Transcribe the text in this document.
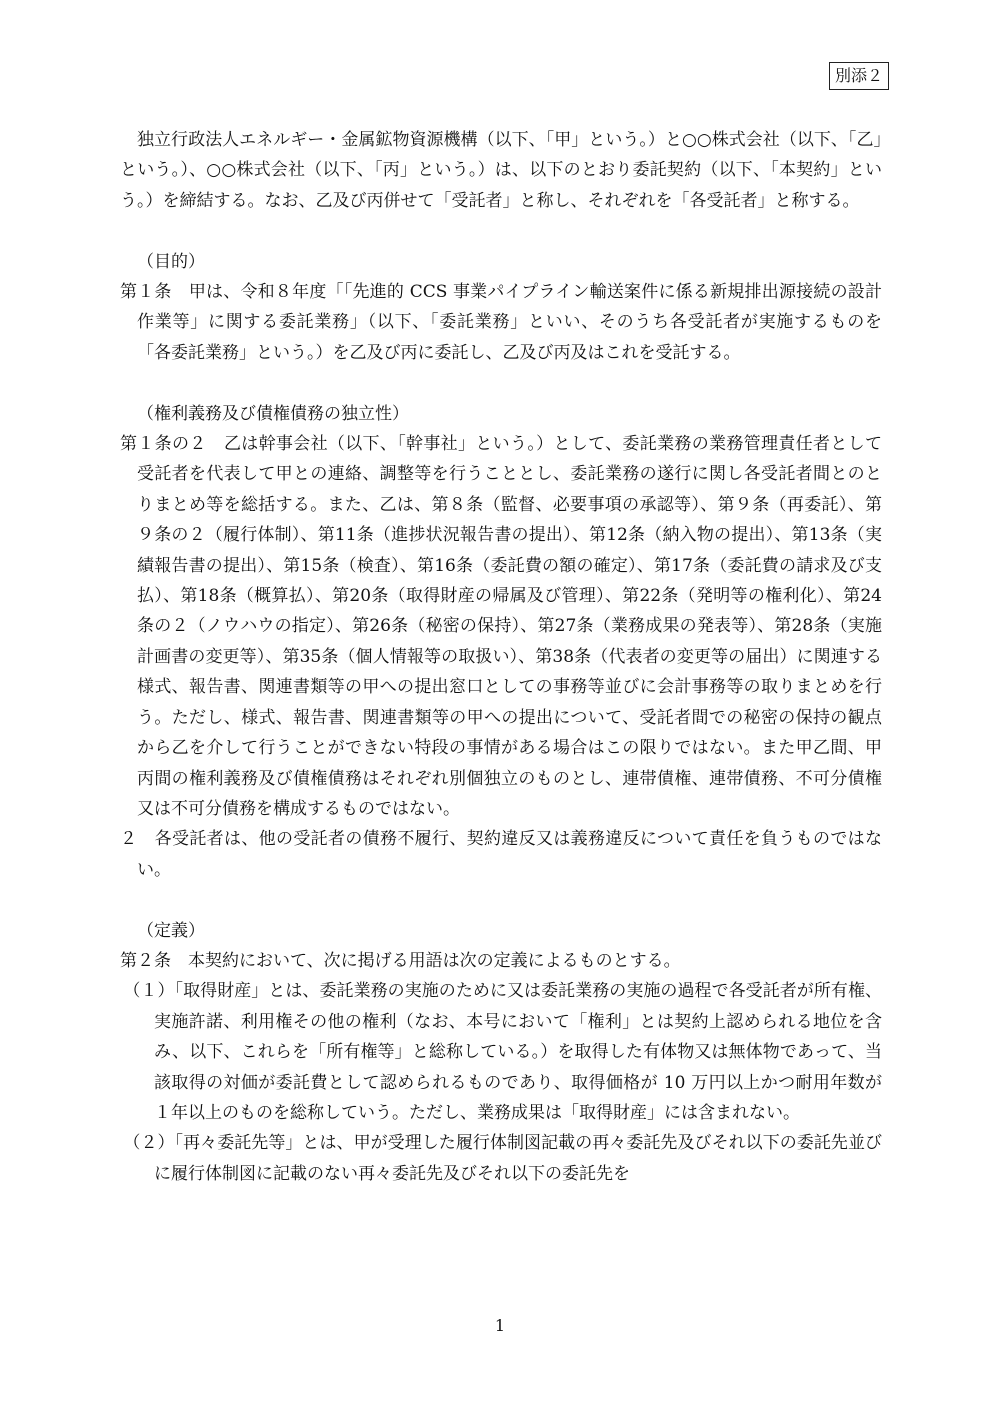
別添２

独立行政法人エネルギー・金属鉱物資源機構（以下、「甲」という。）と○○株式会社（以下、「乙」という。）、○○株式会社（以下、「丙」という。）は、以下のとおり委託契約（以下、「本契約」という。）を締結する。なお、乙及び丙併せて「受託者」と称し、それぞれを「各受託者」と称する。

（目的）

第１条　甲は、令和８年度「「先進的 CCS 事業パイプライン輸送案件に係る新規排出源接続の設計作業等」に関する委託業務」（以下、「委託業務」といい、そのうち各受託者が実施するものを「各委託業務」という。）を乙及び丙に委託し、乙及び丙及はこれを受託する。

（権利義務及び債権債務の独立性）

第１条の２　乙は幹事会社（以下、「幹事社」という。）として、委託業務の業務管理責任者として受託者を代表して甲との連絡、調整等を行うこととし、委託業務の遂行に関し各受託者間とのとりまとめ等を総括する。また、乙は、第８条（監督、必要事項の承認等）、第９条（再委託）、第９条の２（履行体制）、第11条（進捗状況報告書の提出）、第12条（納入物の提出）、第13条（実績報告書の提出）、第15条（検査）、第16条（委託費の額の確定）、第17条（委託費の請求及び支払）、第18条（概算払）、第20条（取得財産の帰属及び管理）、第22条（発明等の権利化）、第24条の２（ノウハウの指定）、第26条（秘密の保持）、第27条（業務成果の発表等）、第28条（実施計画書の変更等）、第35条（個人情報等の取扱い）、第38条（代表者の変更等の届出）に関連する様式、報告書、関連書類等の甲への提出窓口としての事務等並びに会計事務等の取りまとめを行う。ただし、様式、報告書、関連書類等の甲への提出について、受託者間での秘密の保持の観点から乙を介して行うことができない特段の事情がある場合はこの限りではない。また甲乙間、甲丙間の権利義務及び債権債務はそれぞれ別個独立のものとし、連帯債権、連帯債務、不可分債権又は不可分債務を構成するものではない。

２　各受託者は、他の受託者の債務不履行、契約違反又は義務違反について責任を負うものではない。

（定義）

第２条　本契約において、次に掲げる用語は次の定義によるものとする。

（１）「取得財産」とは、委託業務の実施のために又は委託業務の実施の過程で各受託者が所有権、実施許諾、利用権その他の権利（なお、本号において「権利」とは契約上認められる地位を含み、以下、これらを「所有権等」と総称している。）を取得した有体物又は無体物であって、当該取得の対価が委託費として認められるものであり、取得価格が 10 万円以上かつ耐用年数が１年以上のものを総称していう。ただし、業務成果は「取得財産」には含まれない。

（２）「再々委託先等」とは、甲が受理した履行体制図記載の再々委託先及びそれ以下の委託先並びに履行体制図に記載のない再々委託先及びそれ以下の委託先を

1
